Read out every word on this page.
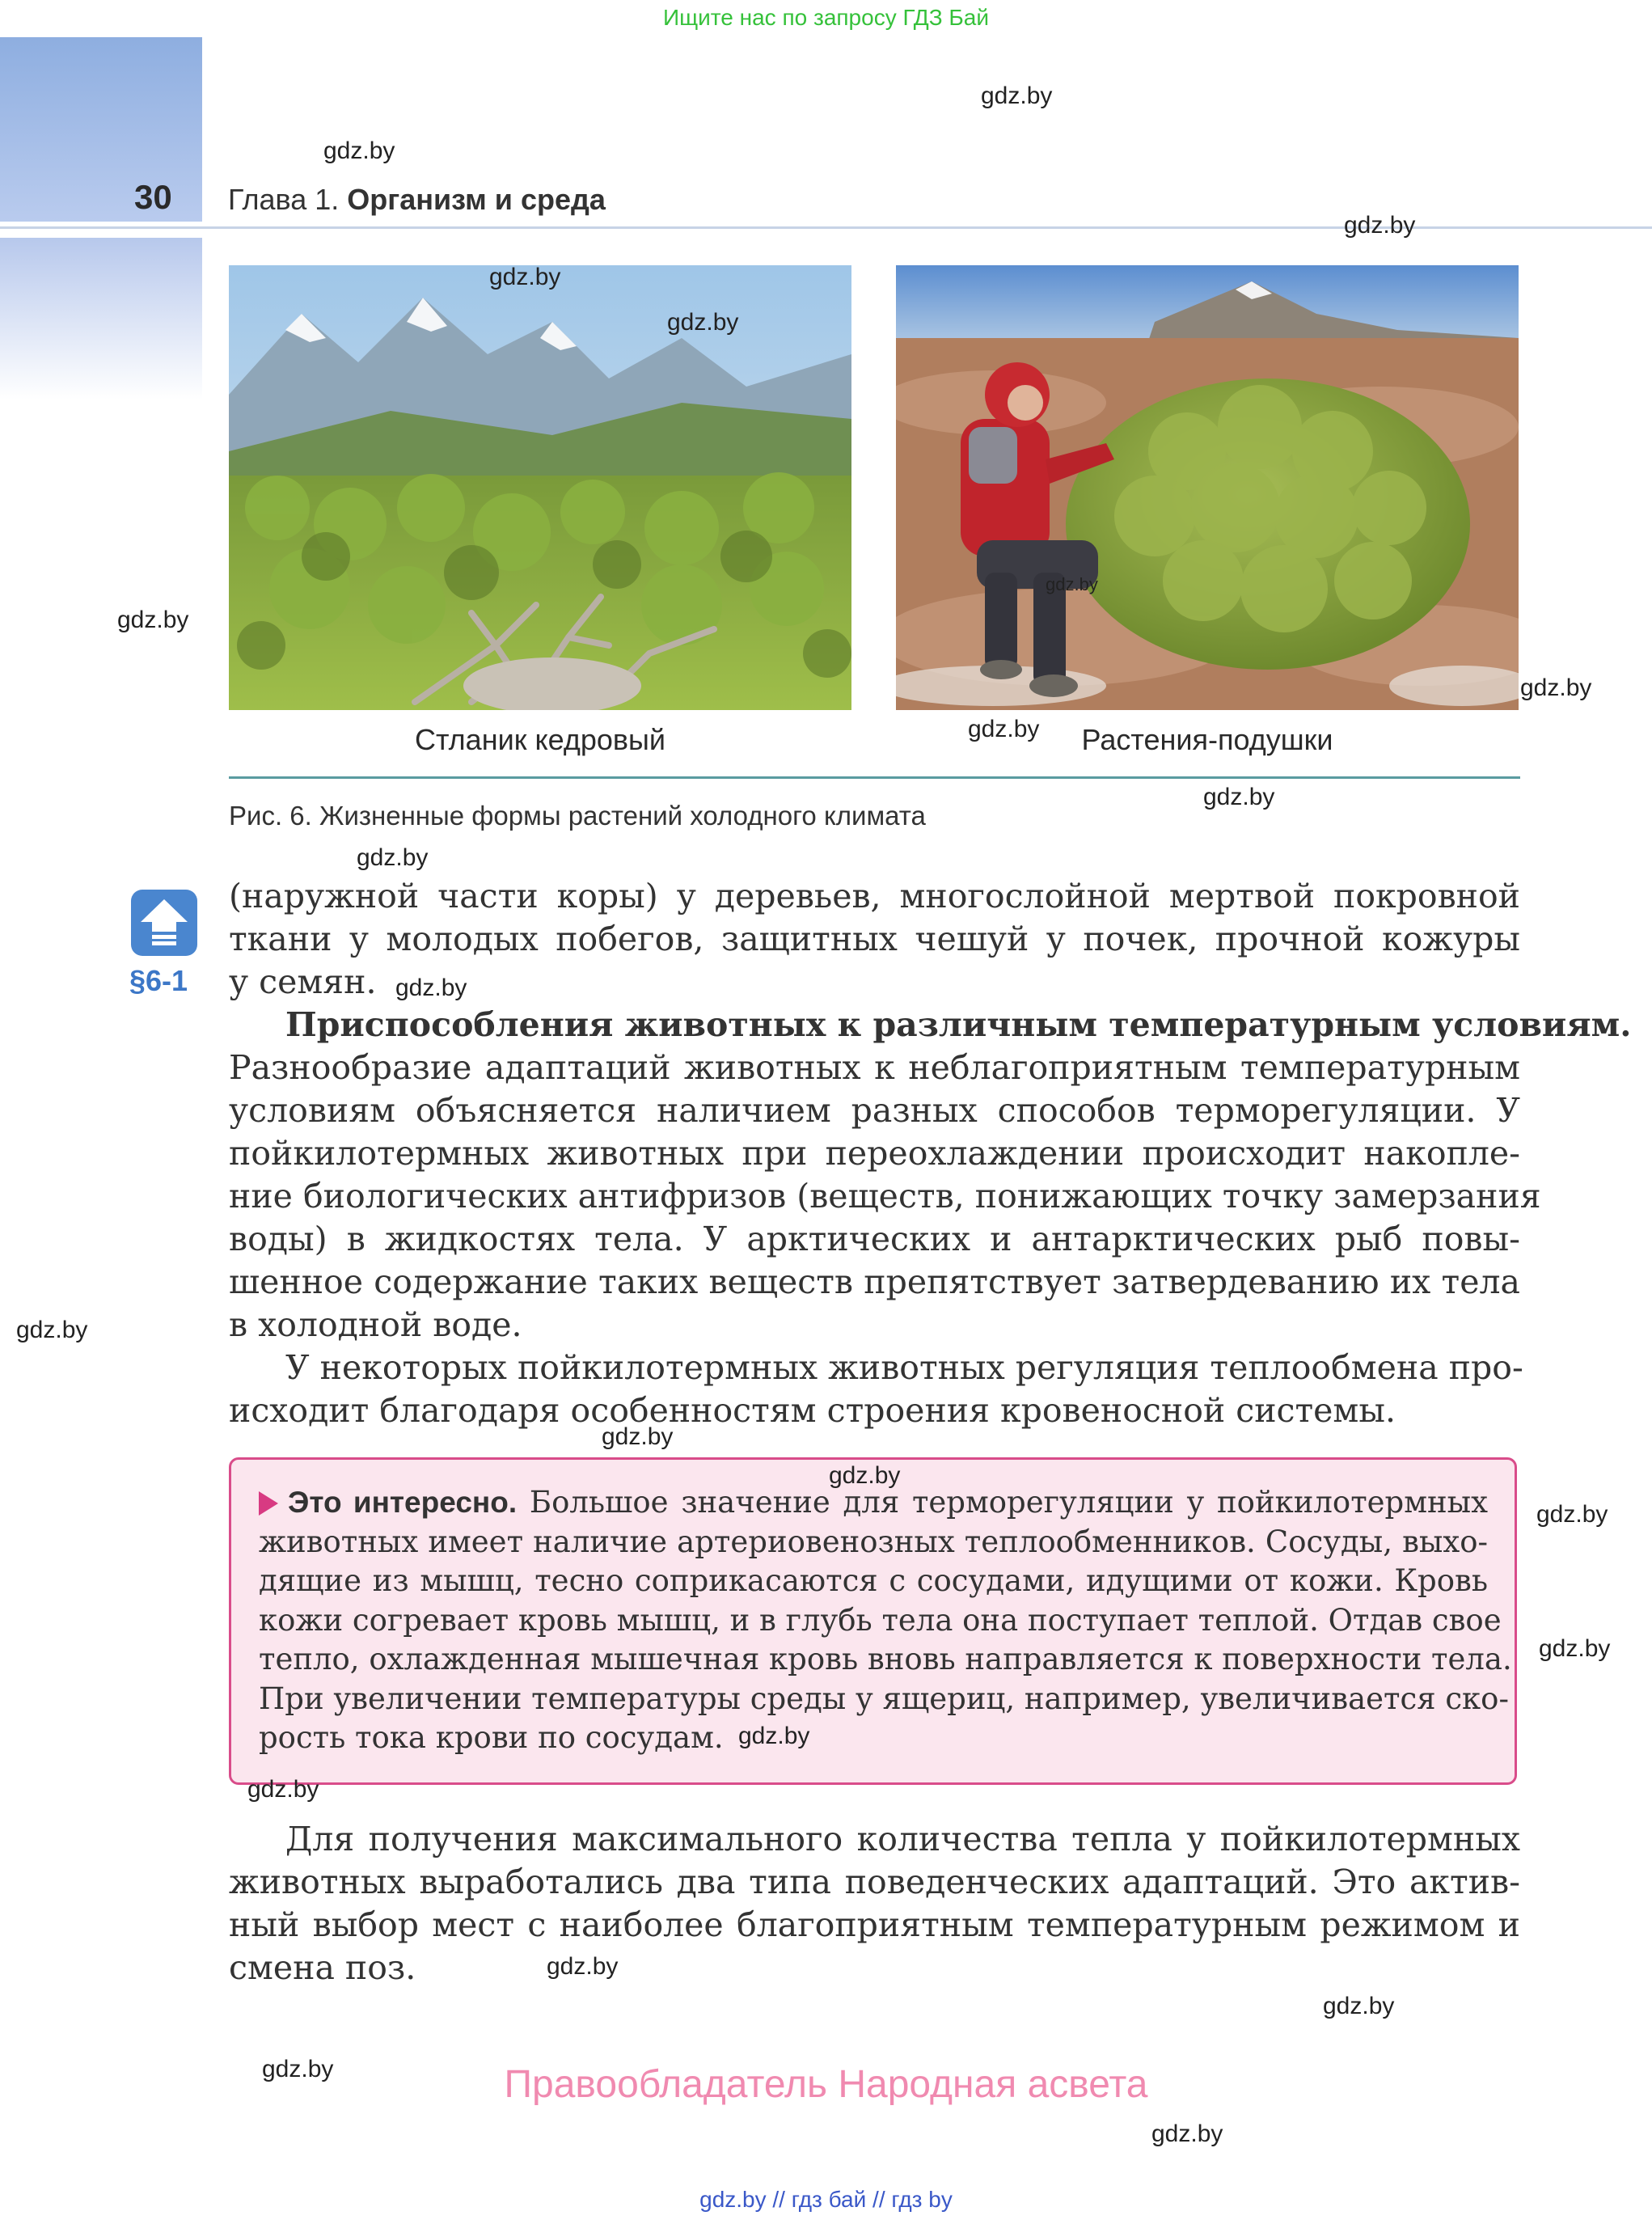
Ищите нас по запросу ГДЗ Бай
30 Глава 1. Организм и среда
Стланик кедровый	Растения-подушки
Рис. 6. Жизненные формы растений холодного климата
§6-1
(наружной части коры) у деревьев, многослойной мертвой покровной
ткани у молодых побегов, защитных чешуй у почек, прочной кожуры
у семян.
Приспособления животных к различным температурным условиям.
Разнообразие адаптаций животных к неблагоприятным температурным
условиям объясняется наличием разных способов терморегуляции. У
пойкилотермных животных при переохлаждении происходит накопле-
ние биологических антифризов (веществ, понижающих точку замерзания
воды) в жидкостях тела. У арктических и антарктических рыб повы-
шенное содержание таких веществ препятствует затвердеванию их тела
в холодной воде.
У некоторых пойкилотермных животных регуляция теплообмена про-
исходит благодаря особенностям строения кровеносной системы.
Это интересно. Большое значение для терморегуляции у пойкилотермных
животных имеет наличие артериовенозных теплообменников. Сосуды, выхо-
дящие из мышц, тесно соприкасаются с сосудами, идущими от кожи. Кровь
кожи согревает кровь мышц, и в глубь тела она поступает теплой. Отдав свое
тепло, охлажденная мышечная кровь вновь направляется к поверхности тела.
При увеличении температуры среды у ящериц, например, увеличивается ско-
рость тока крови по сосудам.
Для получения максимального количества тепла у пойкилотермных
животных выработались два типа поведенческих адаптаций. Это актив-
ный выбор мест с наиболее благоприятным температурным режимом и
смена поз.
Правообладатель Народная асвета
gdz.by // гдз бай // гдз by
gdz.by
gdz.by
gdz.by
gdz.by
gdz.by
gdz.by
gdz.by
gdz.by
gdz.by
gdz.by
gdz.by
gdz.by
gdz.by
gdz.by
gdz.by
gdz.by
gdz.by
gdz.by
gdz.by
gdz.by
gdz.by
gdz.by
gdz.by
